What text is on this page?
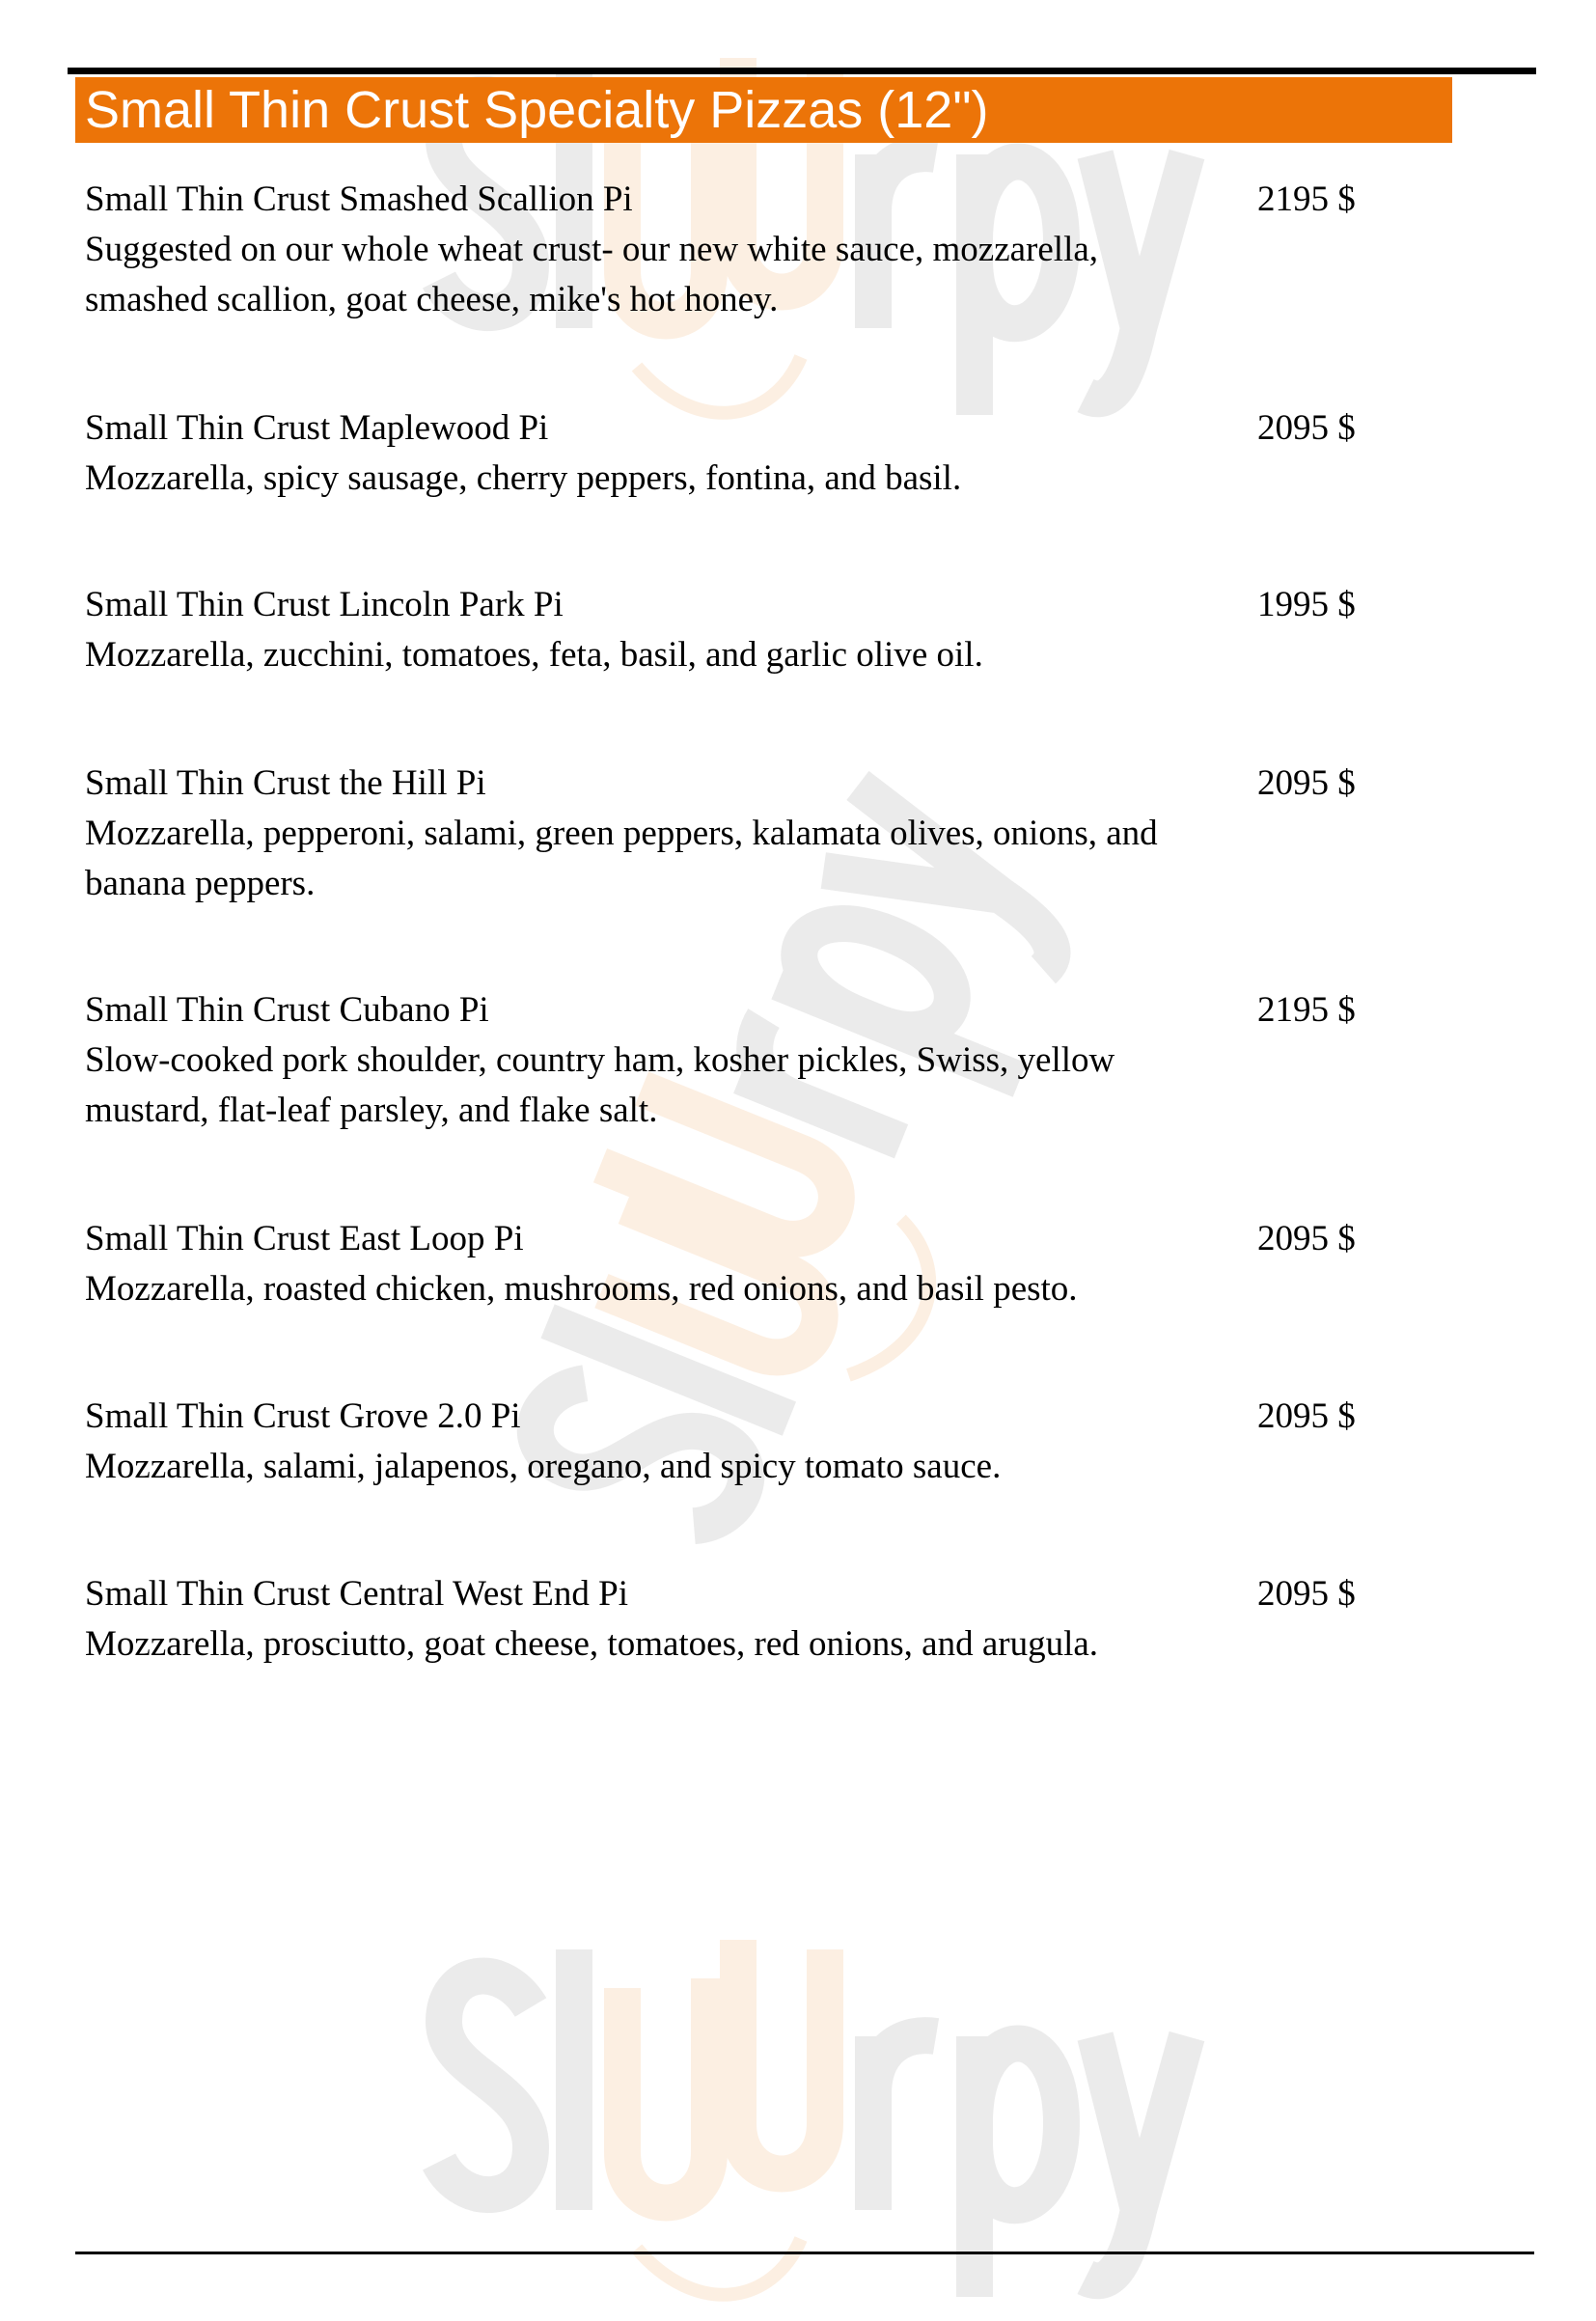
Small Thin Crust Specialty Pizzas (12")
Small Thin Crust Smashed Scallion Pi
Suggested on our whole wheat crust- our new white sauce, mozzarella, smashed scallion, goat cheese, mike's hot honey.
2195 $
Small Thin Crust Maplewood Pi
Mozzarella, spicy sausage, cherry peppers, fontina, and basil.
2095 $
Small Thin Crust Lincoln Park Pi
Mozzarella, zucchini, tomatoes, feta, basil, and garlic olive oil.
1995 $
Small Thin Crust the Hill Pi
Mozzarella, pepperoni, salami, green peppers, kalamata olives, onions, and banana peppers.
2095 $
Small Thin Crust Cubano Pi
Slow-cooked pork shoulder, country ham, kosher pickles, Swiss, yellow mustard, flat-leaf parsley, and flake salt.
2195 $
Small Thin Crust East Loop Pi
Mozzarella, roasted chicken, mushrooms, red onions, and basil pesto.
2095 $
Small Thin Crust Grove 2.0 Pi
Mozzarella, salami, jalapenos, oregano, and spicy tomato sauce.
2095 $
Small Thin Crust Central West End Pi
Mozzarella, prosciutto, goat cheese, tomatoes, red onions, and arugula.
2095 $
